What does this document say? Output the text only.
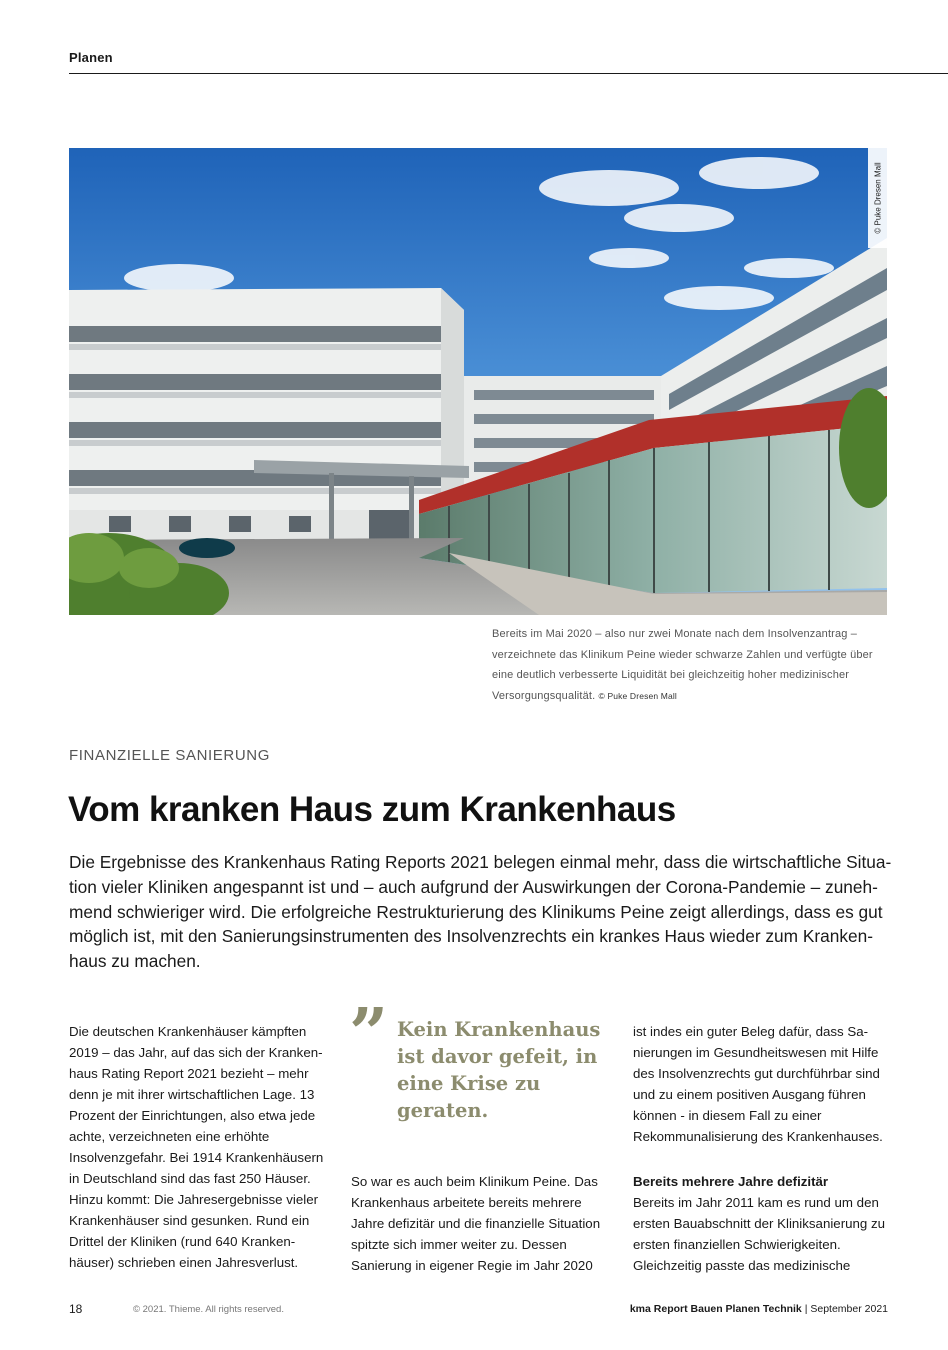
Planen
© Puke Dresen Mall
Bereits im Mai 2020 – also nur zwei Monate nach dem Insolvenzantrag – verzeichnete das Klinikum Peine wieder schwarze Zahlen und verfügte über eine deutlich verbesserte Liquidität bei gleichzeitig hoher medizinischer Versorgungsqualität. © Puke Dresen Mall
FINANZIELLE SANIERUNG
Vom kranken Haus zum Krankenhaus

Die Ergebnisse des Krankenhaus Rating Reports 2021 belegen einmal mehr, dass die wirtschaftliche Situation vieler Kliniken angespannt ist und – auch aufgrund der Auswirkungen der Corona-Pandemie – zunehmend schwieriger wird. Die erfolgreiche Restrukturierung des Klinikums Peine zeigt allerdings, dass es gut möglich ist, mit den Sanierungsinstrumenten des Insolvenzrechts ein krankes Haus wieder zum Krankenhaus zu machen.

Die deutschen Krankenhäuser kämpften 2019 – das Jahr, auf das sich der Krankenhaus Rating Report 2021 bezieht – mehr denn je mit ihrer wirtschaftlichen Lage. 13 Prozent der Einrichtungen, also etwa jede achte, verzeichneten eine erhöhte Insolvenzgefahr. Bei 1914 Krankenhäusern in Deutschland sind das fast 250 Häuser. Hinzu kommt: Die Jahresergebnisse vieler Krankenhäuser sind gesunken. Rund ein Drittel der Kliniken (rund 640 Krankenhäuser) schrieben einen Jahresverlust.

” Kein Krankenhaus ist davor gefeit, in eine Krise zu geraten.

So war es auch beim Klinikum Peine. Das Krankenhaus arbeitete bereits mehrere Jahre defizitär und die finanzielle Situation spitzte sich immer weiter zu. Dessen Sanierung in eigener Regie im Jahr 2020

ist indes ein guter Beleg dafür, dass Sanierungen im Gesundheitswesen mit Hilfe des Insolvenzrechts gut durchführbar sind und zu einem positiven Ausgang führen können - in diesem Fall zu einer Rekommunalisierung des Krankenhauses.

Bereits mehrere Jahre defizitär
Bereits im Jahr 2011 kam es rund um den ersten Bauabschnitt der Kliniksanierung zu ersten finanziellen Schwierigkeiten. Gleichzeitig passte das medizinische
18	© 2021. Thieme. All rights reserved.	kma Report Bauen Planen Technik | September 2021
